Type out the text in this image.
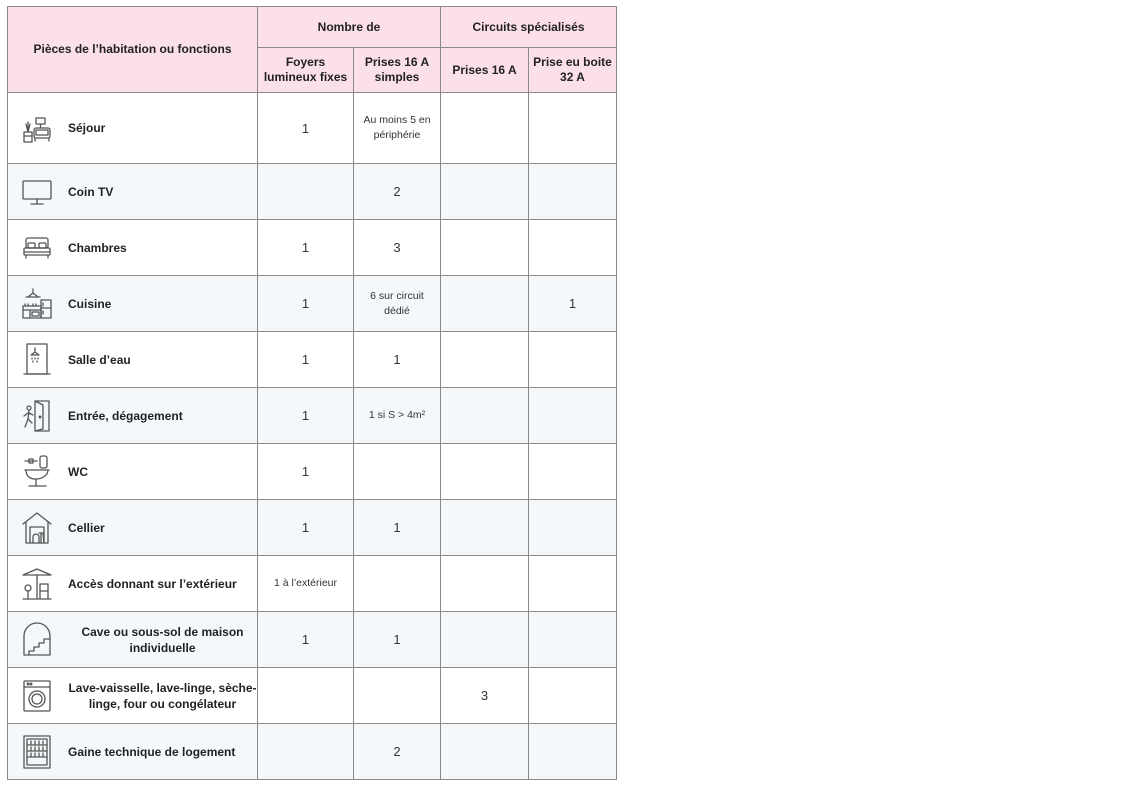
Pièces de l’habitation ou fonctions	Nombre de		Circuits spécialisés	
	Foyers lumineux fixes	Prises 16 A simples	Prises 16 A	Prise eu boite 32 A

Séjour	1	Au moins 5 en périphérie		

Coin TV		2		

Chambres	1	3		

Cuisine	1	6 sur circuit dédié		1

Salle d’eau	1	1		

Entrée, dégagement	1	1 si S > 4m²		

WC	1			

Cellier	1	1		

Accès donnant sur l’extérieur	1 à l’extérieur			

Cave ou sous-sol de maison individuelle	1	1		

Lave-vaisselle, lave-linge, sèche-linge, four ou congélateur			3	

Gaine technique de logement		2		
